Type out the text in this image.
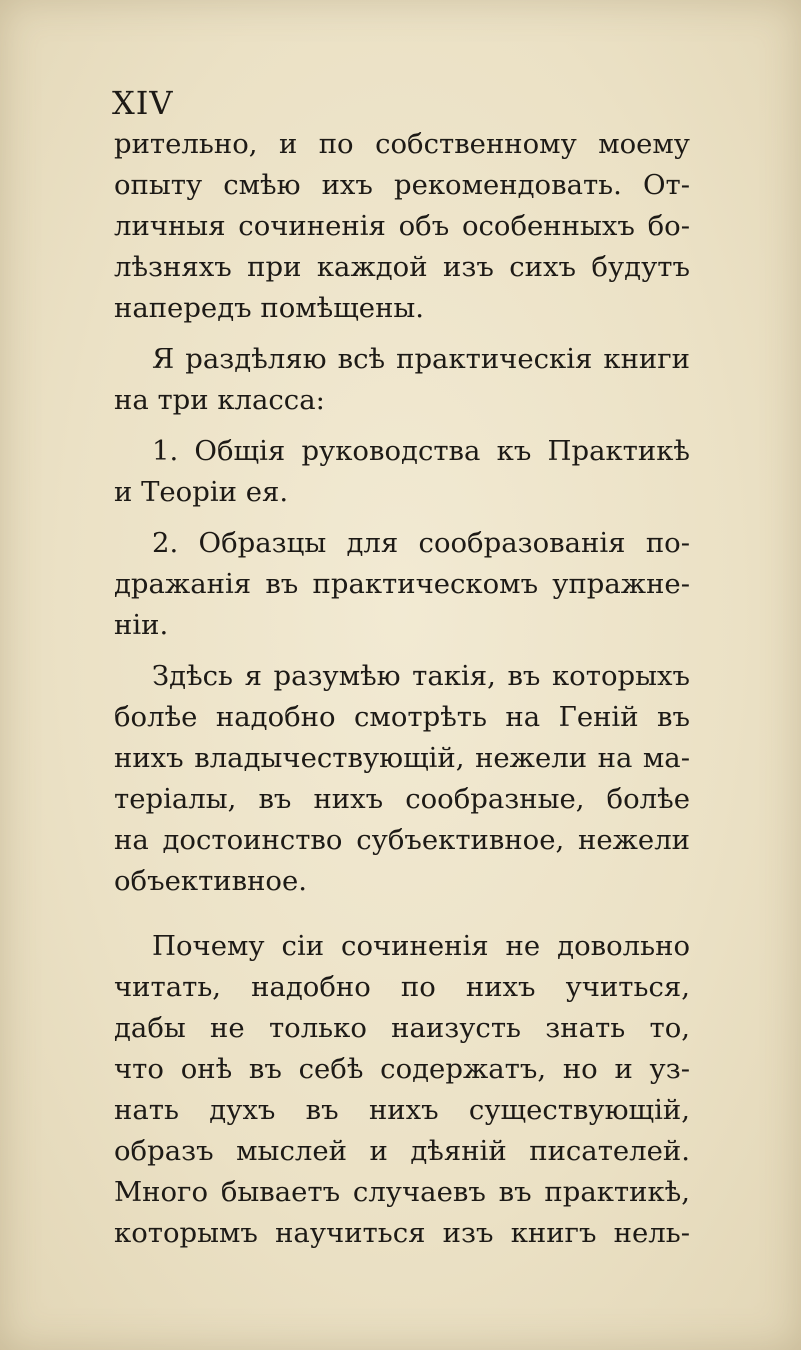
XIV
рительно, и по собственному моему
опыту смѣю ихъ рекомендовать. От-
личныя сочиненія объ особенныхъ бо-
лѣзняхъ при каждой изъ сихъ будутъ
напередъ помѣщены.
Я раздѣляю всѣ практическія книги
на три класса:
1. Общія руководства къ Практикѣ
и Теоріи ея.
2. Образцы для сообразованія по-
дражанія въ практическомъ упражне-
ніи.
Здѣсь я разумѣю такія, въ которыхъ
болѣе надобно смотрѣть на Геній въ
нихъ владычествующій, нежели на ма-
теріалы, въ нихъ сообразные, болѣе
на достоинство субъективное, нежели
объективное.
Почему сіи сочиненія не довольно
читать, надобно по нихъ учиться,
дабы не только наизусть знать то,
что онѣ въ себѣ содержатъ, но и уз-
нать духъ въ нихъ существующій,
образъ мыслей и дѣяній писателей.
Много бываетъ случаевъ въ практикѣ,
которымъ научиться изъ книгъ нель-
